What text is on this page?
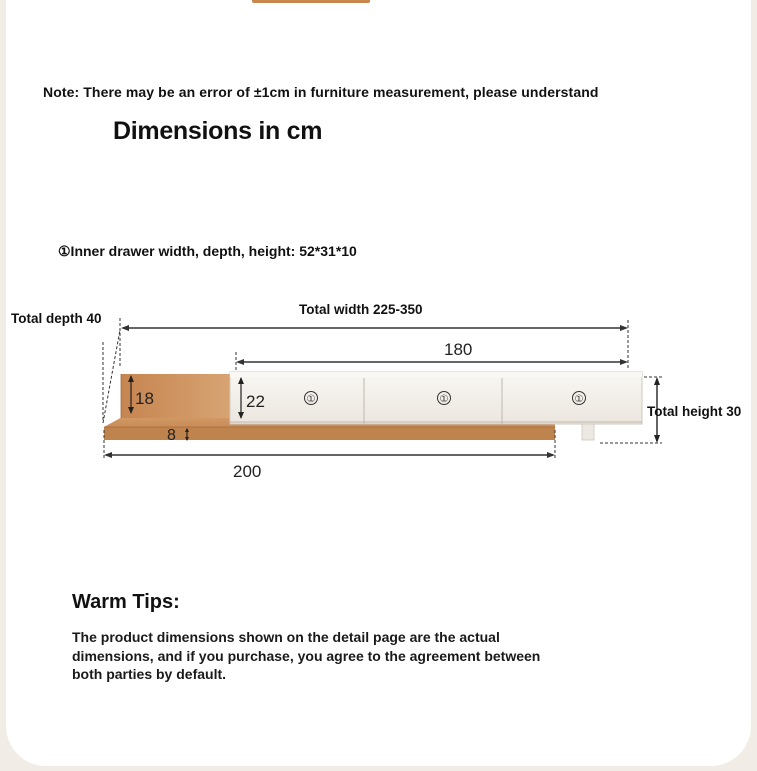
Note: There may be an error of ±1cm in furniture measurement, please understand
Dimensions in cm
①Inner drawer width, depth, height: 52*31*10
Total depth 40
Total width 225-350
180
①	①	①
18	22
8
Total height 30
200
Warm Tips:
The product dimensions shown on the detail page are the actual dimensions, and if you purchase, you agree to the agreement between both parties by default.
